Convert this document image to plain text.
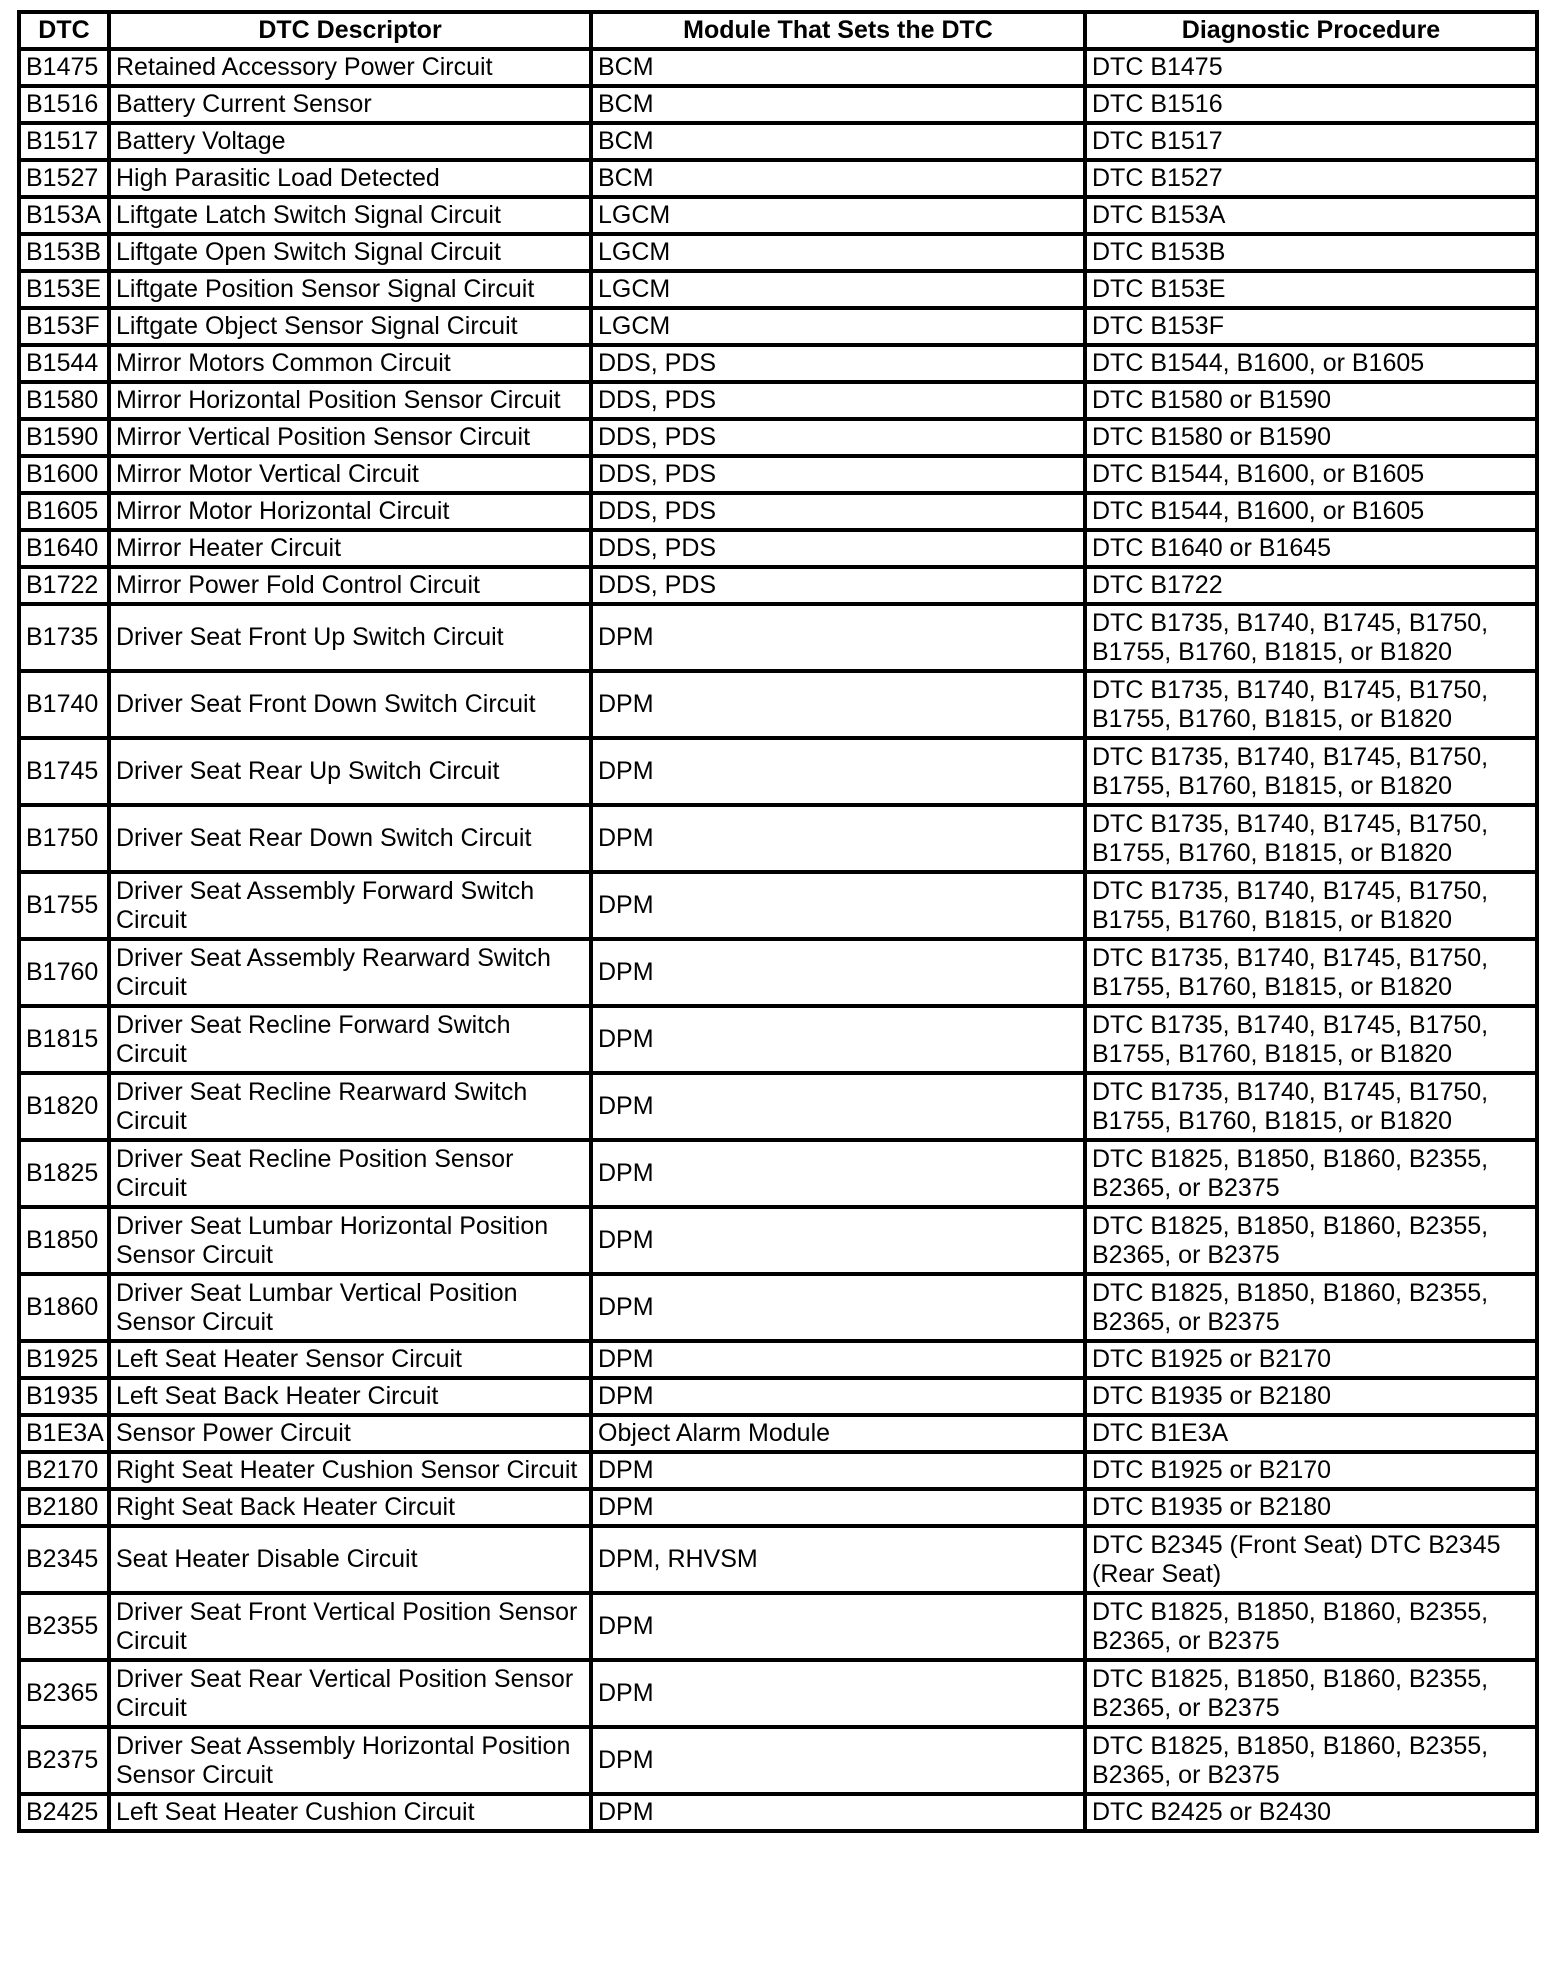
DTC	DTC Descriptor	Module That Sets the DTC	Diagnostic Procedure
B1475	Retained Accessory Power Circuit	BCM	DTC B1475
B1516	Battery Current Sensor	BCM	DTC B1516
B1517	Battery Voltage	BCM	DTC B1517
B1527	High Parasitic Load Detected	BCM	DTC B1527
B153A	Liftgate Latch Switch Signal Circuit	LGCM	DTC B153A
B153B	Liftgate Open Switch Signal Circuit	LGCM	DTC B153B
B153E	Liftgate Position Sensor Signal Circuit	LGCM	DTC B153E
B153F	Liftgate Object Sensor Signal Circuit	LGCM	DTC B153F
B1544	Mirror Motors Common Circuit	DDS, PDS	DTC B1544, B1600, or B1605
B1580	Mirror Horizontal Position Sensor Circuit	DDS, PDS	DTC B1580 or B1590
B1590	Mirror Vertical Position Sensor Circuit	DDS, PDS	DTC B1580 or B1590
B1600	Mirror Motor Vertical Circuit	DDS, PDS	DTC B1544, B1600, or B1605
B1605	Mirror Motor Horizontal Circuit	DDS, PDS	DTC B1544, B1600, or B1605
B1640	Mirror Heater Circuit	DDS, PDS	DTC B1640 or B1645
B1722	Mirror Power Fold Control Circuit	DDS, PDS	DTC B1722
B1735	Driver Seat Front Up Switch Circuit	DPM	DTC B1735, B1740, B1745, B1750, B1755, B1760, B1815, or B1820
B1740	Driver Seat Front Down Switch Circuit	DPM	DTC B1735, B1740, B1745, B1750, B1755, B1760, B1815, or B1820
B1745	Driver Seat Rear Up Switch Circuit	DPM	DTC B1735, B1740, B1745, B1750, B1755, B1760, B1815, or B1820
B1750	Driver Seat Rear Down Switch Circuit	DPM	DTC B1735, B1740, B1745, B1750, B1755, B1760, B1815, or B1820
B1755	Driver Seat Assembly Forward Switch Circuit	DPM	DTC B1735, B1740, B1745, B1750, B1755, B1760, B1815, or B1820
B1760	Driver Seat Assembly Rearward Switch Circuit	DPM	DTC B1735, B1740, B1745, B1750, B1755, B1760, B1815, or B1820
B1815	Driver Seat Recline Forward Switch Circuit	DPM	DTC B1735, B1740, B1745, B1750, B1755, B1760, B1815, or B1820
B1820	Driver Seat Recline Rearward Switch Circuit	DPM	DTC B1735, B1740, B1745, B1750, B1755, B1760, B1815, or B1820
B1825	Driver Seat Recline Position Sensor Circuit	DPM	DTC B1825, B1850, B1860, B2355, B2365, or B2375
B1850	Driver Seat Lumbar Horizontal Position Sensor Circuit	DPM	DTC B1825, B1850, B1860, B2355, B2365, or B2375
B1860	Driver Seat Lumbar Vertical Position Sensor Circuit	DPM	DTC B1825, B1850, B1860, B2355, B2365, or B2375
B1925	Left Seat Heater Sensor Circuit	DPM	DTC B1925 or B2170
B1935	Left Seat Back Heater Circuit	DPM	DTC B1935 or B2180
B1E3A	Sensor Power Circuit	Object Alarm Module	DTC B1E3A
B2170	Right Seat Heater Cushion Sensor Circuit	DPM	DTC B1925 or B2170
B2180	Right Seat Back Heater Circuit	DPM	DTC B1935 or B2180
B2345	Seat Heater Disable Circuit	DPM, RHVSM	DTC B2345 (Front Seat) DTC B2345 (Rear Seat)
B2355	Driver Seat Front Vertical Position Sensor Circuit	DPM	DTC B1825, B1850, B1860, B2355, B2365, or B2375
B2365	Driver Seat Rear Vertical Position Sensor Circuit	DPM	DTC B1825, B1850, B1860, B2355, B2365, or B2375
B2375	Driver Seat Assembly Horizontal Position Sensor Circuit	DPM	DTC B1825, B1850, B1860, B2355, B2365, or B2375
B2425	Left Seat Heater Cushion Circuit	DPM	DTC B2425 or B2430
